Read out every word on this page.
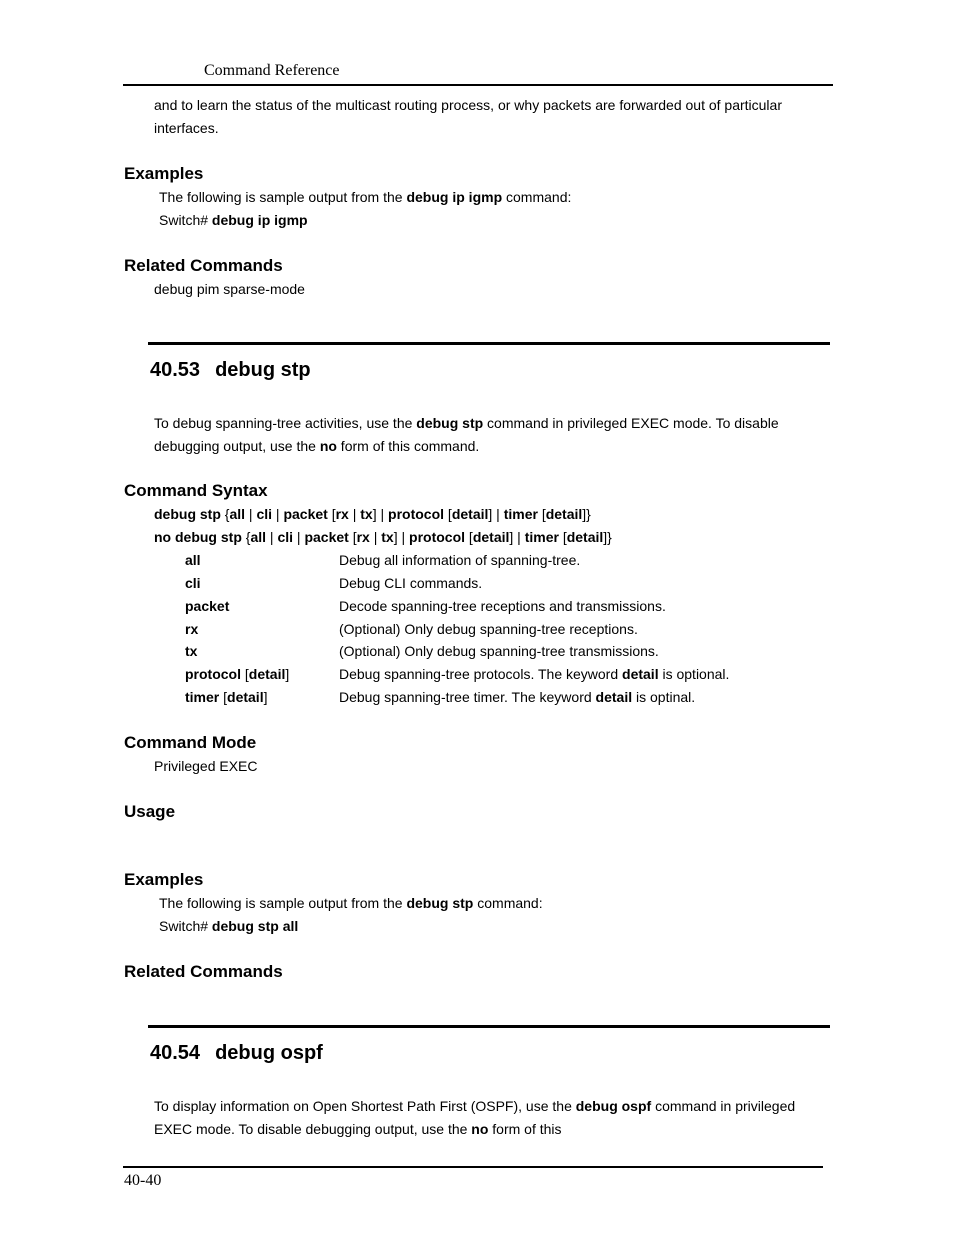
Command Reference
and to learn the status of the multicast routing process, or why packets are forwarded out of particular
interfaces.
Examples
The following is sample output from the debug ip igmp command:
Switch# debug ip igmp
Related Commands
debug pim sparse-mode
40.53 debug stp
To debug spanning-tree activities, use the debug stp command in privileged EXEC mode. To disable
debugging output, use the no form of this command.
Command Syntax
debug stp {all | cli | packet [rx | tx] | protocol [detail] | timer [detail]}
no debug stp {all | cli | packet [rx | tx] | protocol [detail] | timer [detail]}
all	Debug all information of spanning-tree.
cli	Debug CLI commands.
packet	Decode spanning-tree receptions and transmissions.
rx	(Optional) Only debug spanning-tree receptions.
tx	(Optional) Only debug spanning-tree transmissions.
protocol [detail]	Debug spanning-tree protocols. The keyword detail is optional.
timer [detail]	Debug spanning-tree timer. The keyword detail is optinal.
Command Mode
Privileged EXEC
Usage
Examples
The following is sample output from the debug stp command:
Switch# debug stp all
Related Commands
40.54 debug ospf
To display information on Open Shortest Path First (OSPF), use the debug ospf command in privileged
EXEC mode. To disable debugging output, use the no form of this
40-40
